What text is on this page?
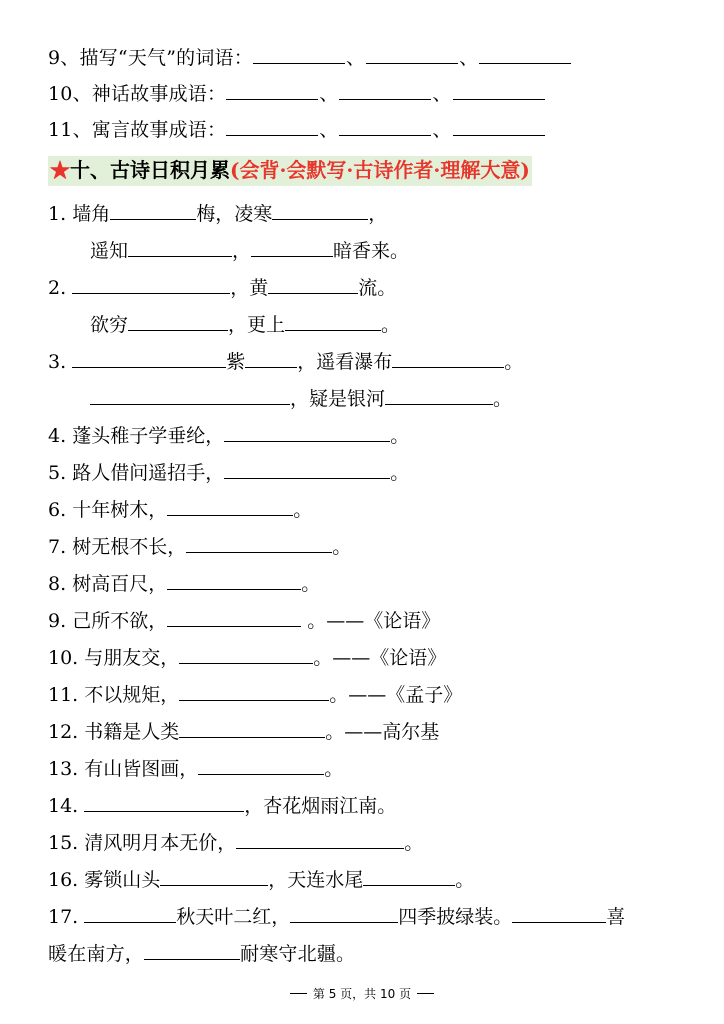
9、描写“天气”的词语：	、	、
10、神话故事成语：	、	、
11、寓言故事成语：	、	、
★十、古诗日积月累(会背·会默写·古诗作者·理解大意)
1. 墙角	梅，凌寒	，
遥知	，	暗香来。
2.	，黄	流。
欲穷	，更上	。
3.	紫	，遥看瀑布	。
，疑是银河	。
4. 蓬头稚子学垂纶，	。
5. 路人借问遥招手，	。
6. 十年树木，	。
7. 树无根不长，	。
8. 树高百尺，	。
9. 己所不欲，	。——《论语》
10. 与朋友交，	。——《论语》
11. 不以规矩，	。——《孟子》
12. 书籍是人类	。——高尔基
13. 有山皆图画，	。
14.	，杏花烟雨江南。
15. 清风明月本无价，	。
16. 雾锁山头	，天连水尾	。
17.	秋天叶二红，	四季披绿装。	喜
暖在南方，	耐寒守北疆。
第 5 页，共 10 页
